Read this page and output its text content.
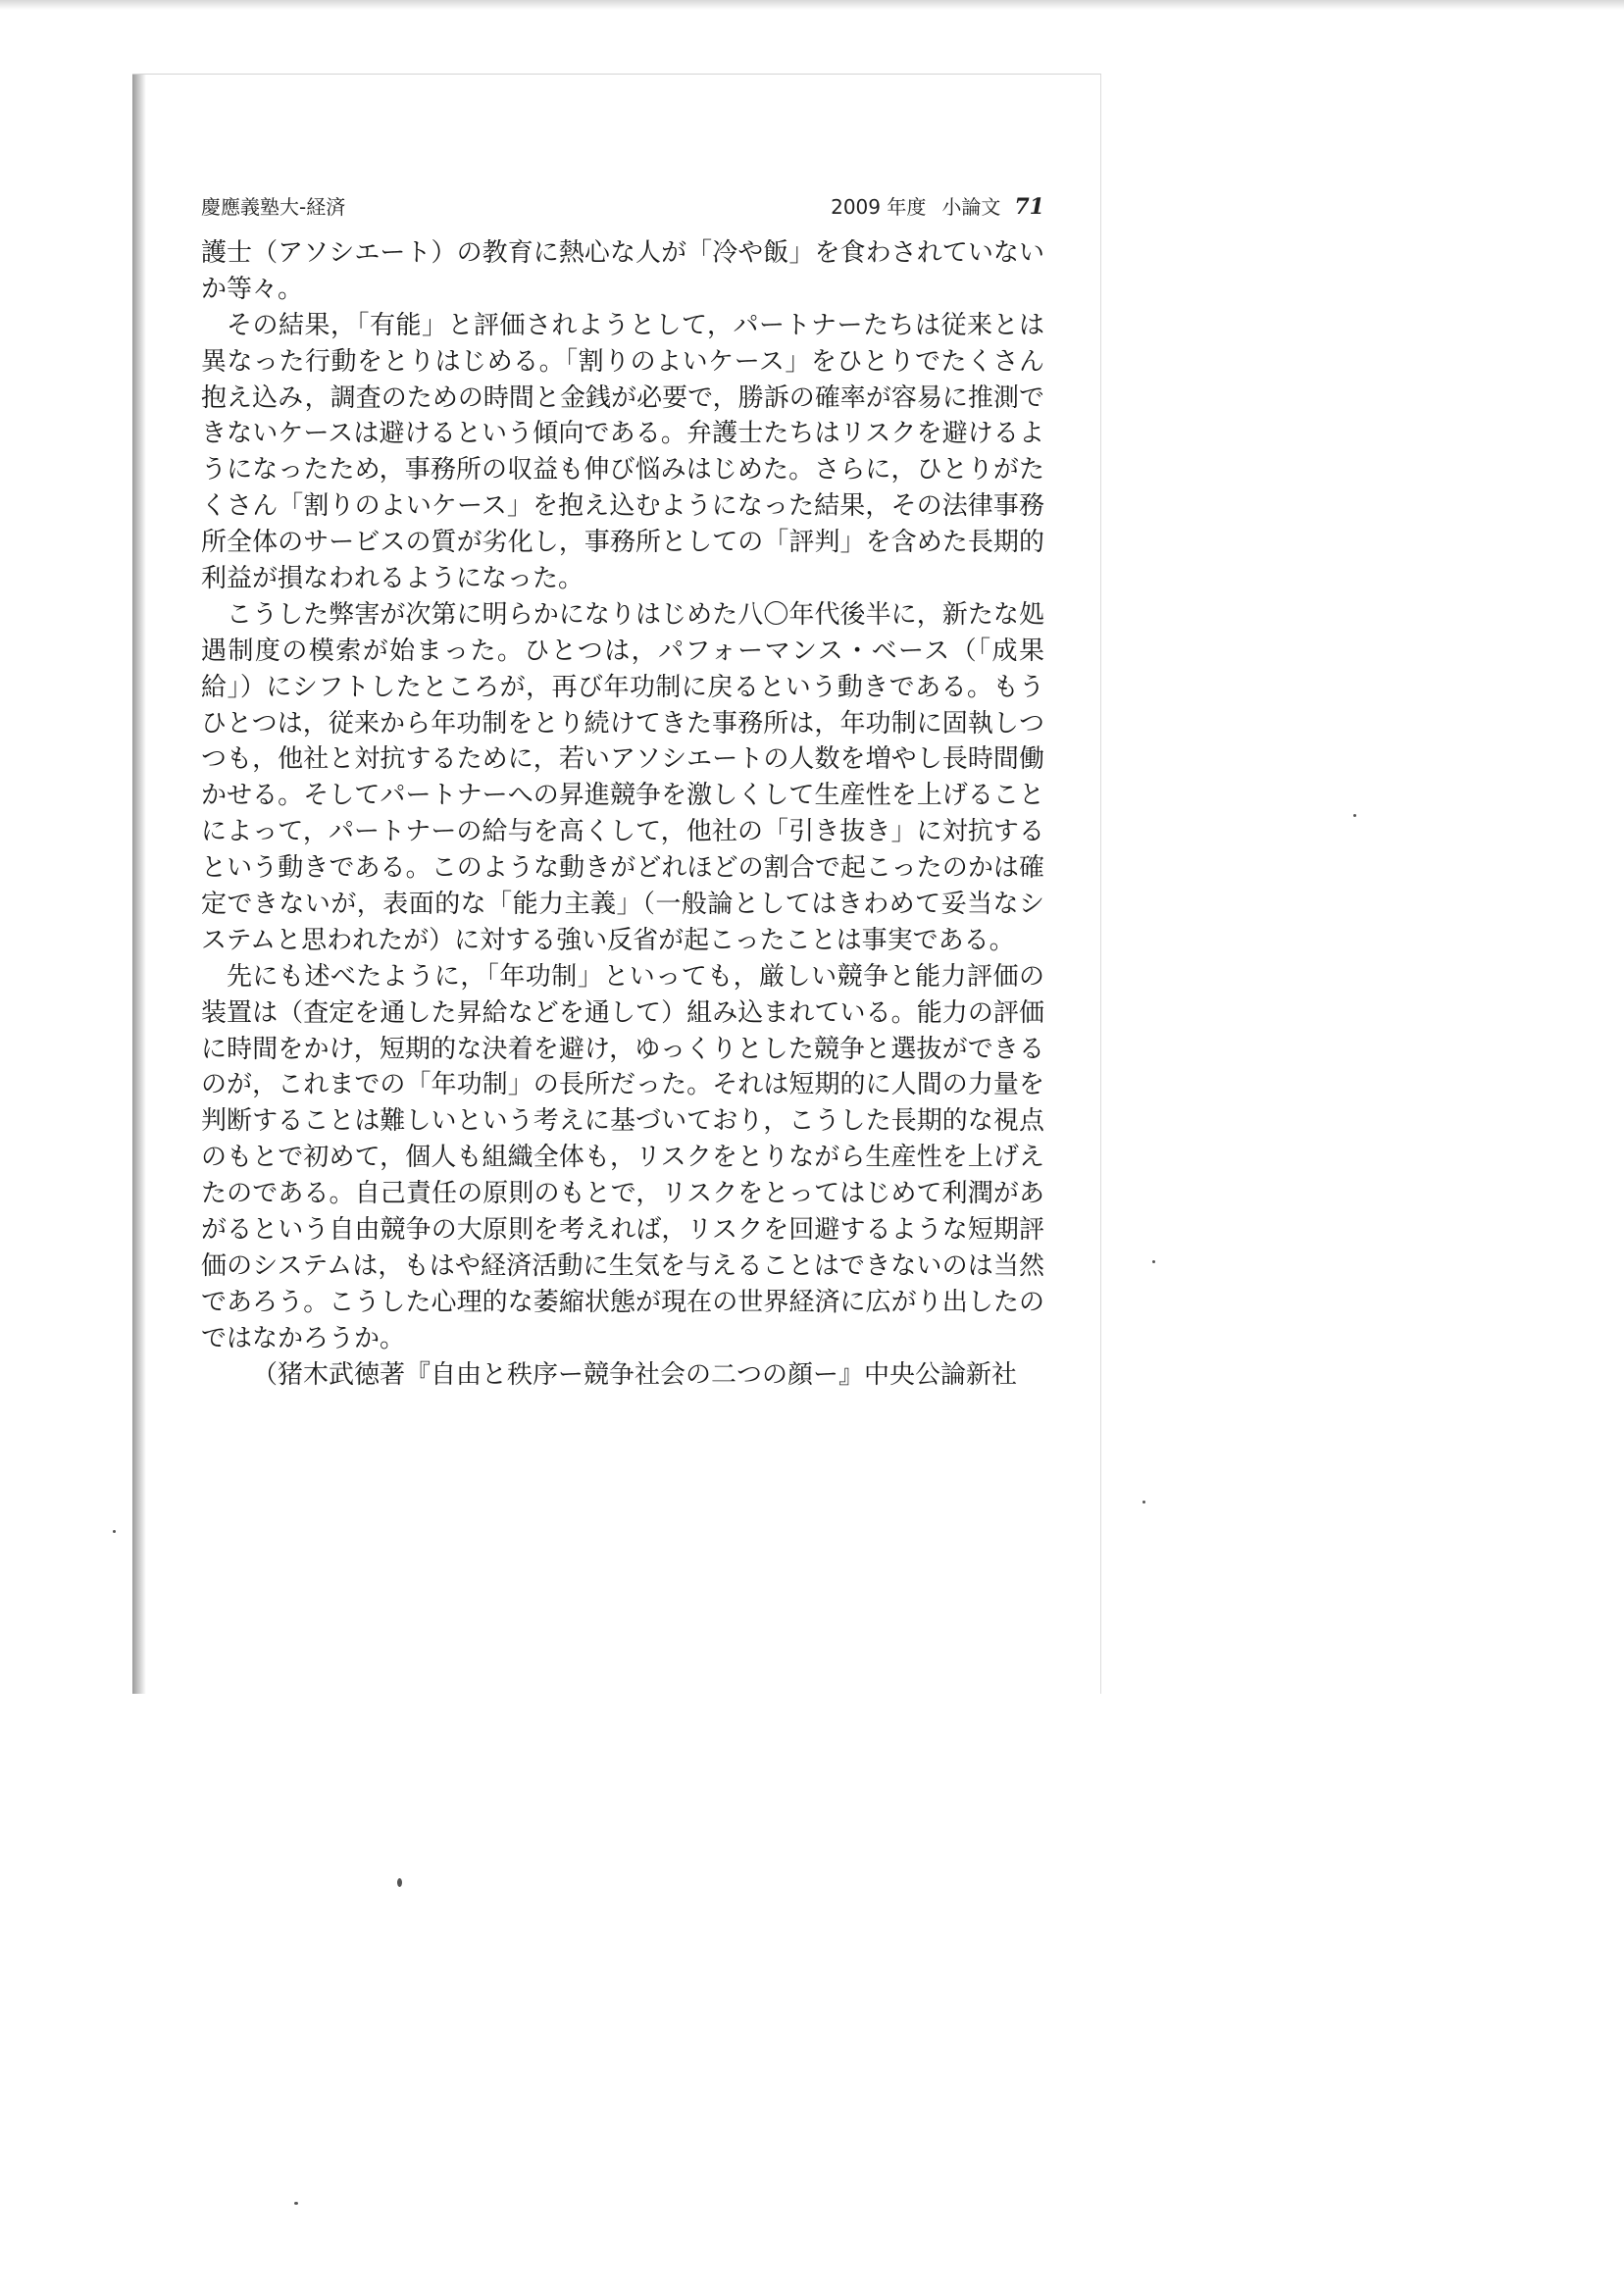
慶應義塾大-経済	2009 年度 小論文 71
護士（アソシエート）の教育に熱心な人が「冷や飯」を食わされていない
か等々。
その結果，「有能」と評価されようとして，パートナーたちは従来とは
異なった行動をとりはじめる。「割りのよいケース」をひとりでたくさん
抱え込み，調査のための時間と金銭が必要で，勝訴の確率が容易に推測で
きないケースは避けるという傾向である。弁護士たちはリスクを避けるよ
うになったため，事務所の収益も伸び悩みはじめた。さらに，ひとりがた
くさん「割りのよいケース」を抱え込むようになった結果，その法律事務
所全体のサービスの質が劣化し，事務所としての「評判」を含めた長期的
利益が損なわれるようになった。
こうした弊害が次第に明らかになりはじめた八〇年代後半に，新たな処
遇制度の模索が始まった。ひとつは，パフォーマンス・ベース（「成果
給」）にシフトしたところが，再び年功制に戻るという動きである。もう
ひとつは，従来から年功制をとり続けてきた事務所は，年功制に固執しつ
つも，他社と対抗するために，若いアソシエートの人数を増やし長時間働
かせる。そしてパートナーへの昇進競争を激しくして生産性を上げること
によって，パートナーの給与を高くして，他社の「引き抜き」に対抗する
という動きである。このような動きがどれほどの割合で起こったのかは確
定できないが，表面的な「能力主義」（一般論としてはきわめて妥当なシ
ステムと思われたが）に対する強い反省が起こったことは事実である。
先にも述べたように，「年功制」といっても，厳しい競争と能力評価の
装置は（査定を通した昇給などを通して）組み込まれている。能力の評価
に時間をかけ，短期的な決着を避け，ゆっくりとした競争と選抜ができる
のが，これまでの「年功制」の長所だった。それは短期的に人間の力量を
判断することは難しいという考えに基づいており，こうした長期的な視点
のもとで初めて，個人も組織全体も，リスクをとりながら生産性を上げえ
たのである。自己責任の原則のもとで，リスクをとってはじめて利潤があ
がるという自由競争の大原則を考えれば，リスクを回避するような短期評
価のシステムは，もはや経済活動に生気を与えることはできないのは当然
であろう。こうした心理的な萎縮状態が現在の世界経済に広がり出したの
ではなかろうか。
（猪木武徳著『自由と秩序ー競争社会の二つの顔ー』中央公論新社
